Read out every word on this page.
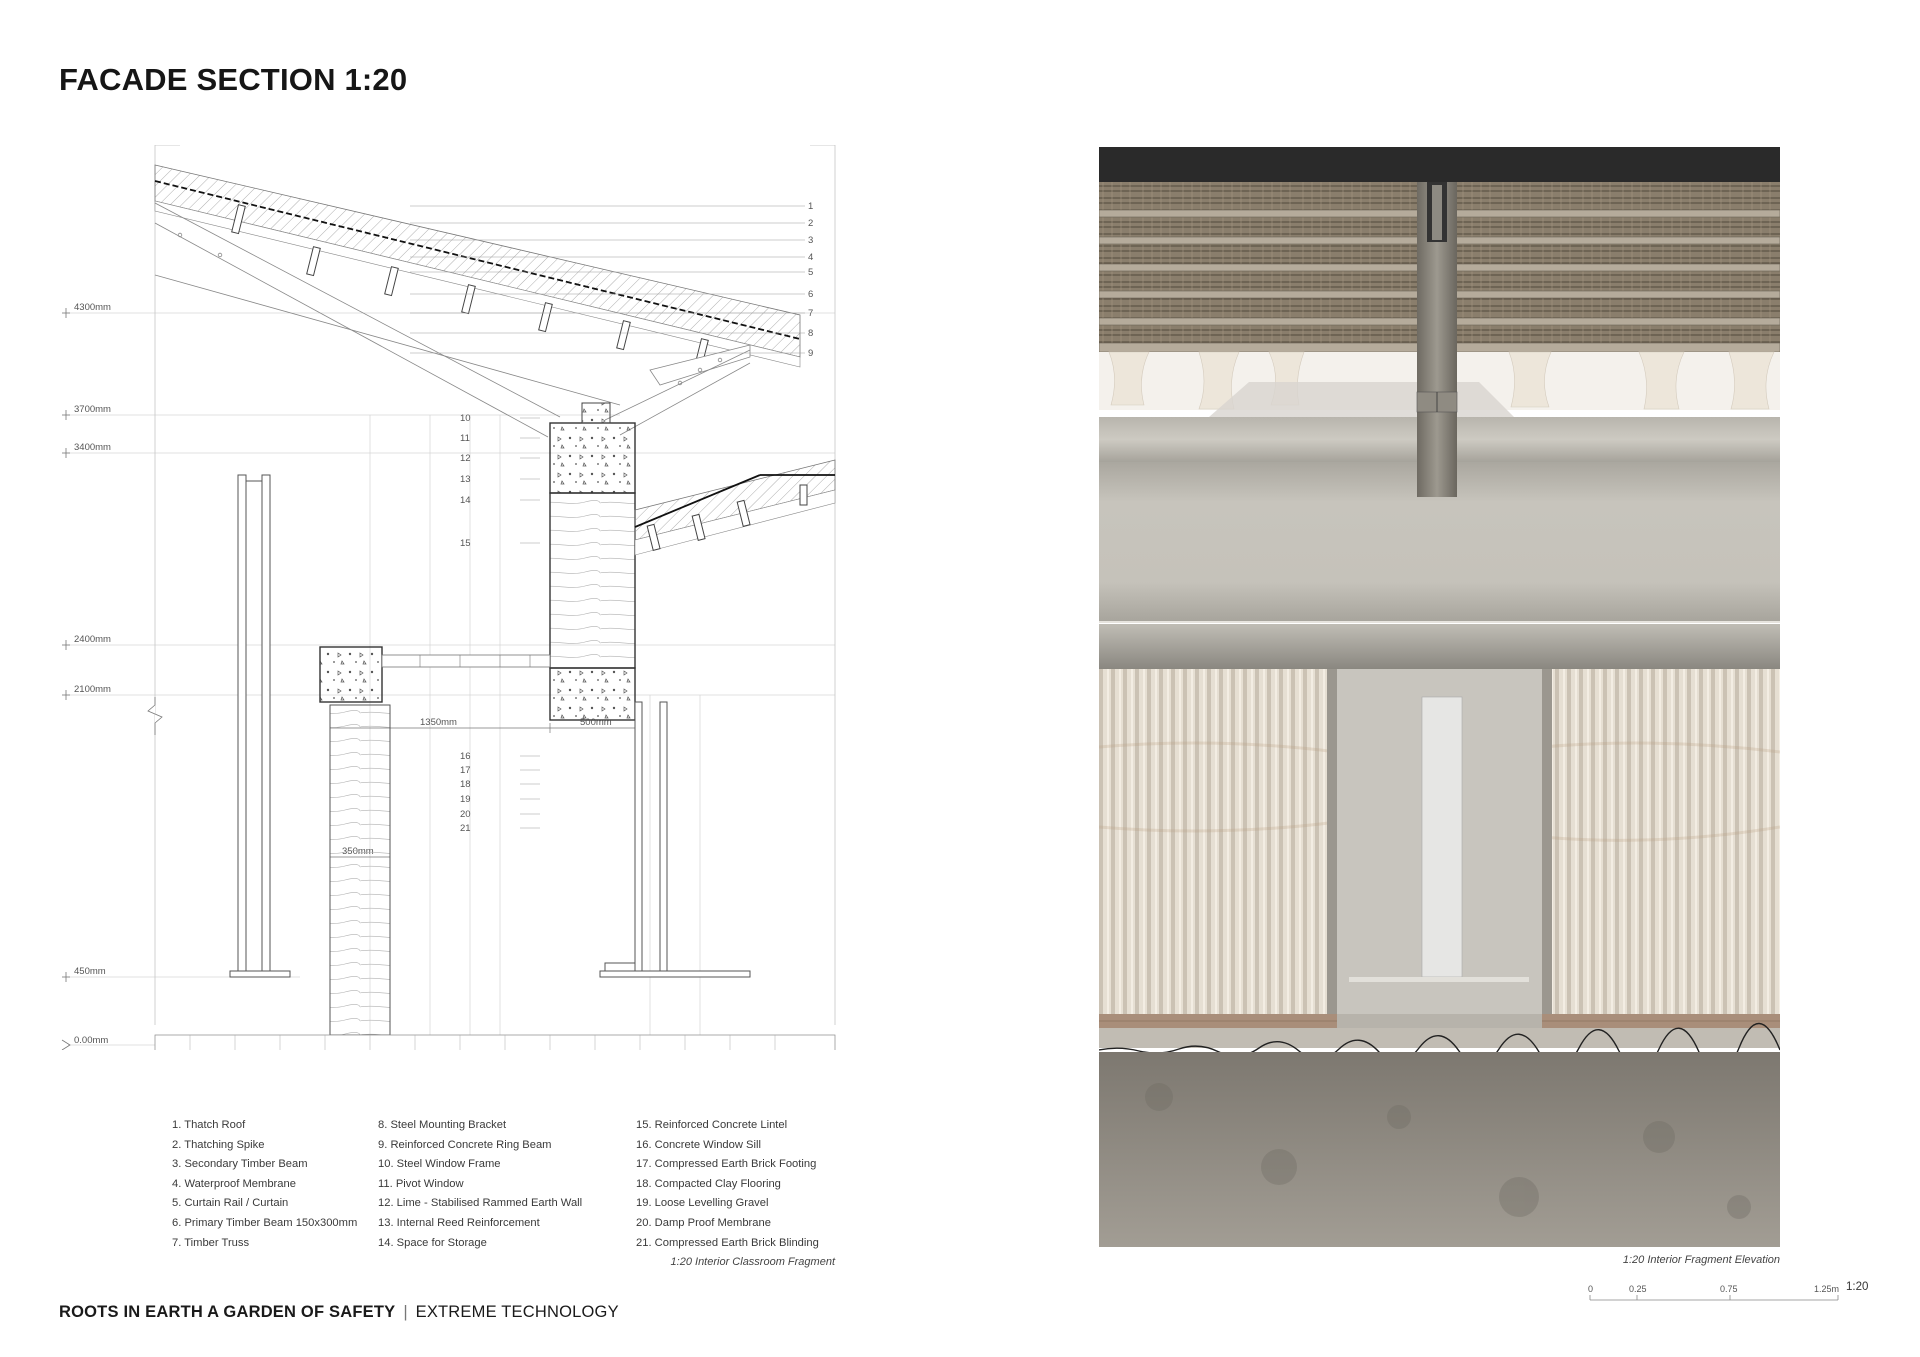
FACADE SECTION 1:20
4300mm
3700mm
3400mm
2400mm
2100mm
450mm
0.00mm
1350mm	500mm
1
2
3
4
5
6
7
8
9
10
11
12
13
14
15
16
17
18
19
20
21
1. Thatch Roof
2. Thatching Spike
3. Secondary Timber Beam
4. Waterproof Membrane
5. Curtain Rail / Curtain
6. Primary Timber Beam 150x300mm
7. Timber Truss
8. Steel Mounting Bracket
9. Reinforced Concrete Ring Beam
10. Steel Window Frame
11. Pivot Window
12. Lime - Stabilised Rammed Earth Wall
13. Internal Reed Reinforcement
14. Space for Storage
15. Reinforced Concrete Lintel
16. Concrete Window Sill
17. Compressed Earth Brick Footing
18. Compacted Clay Flooring
19. Loose Levelling Gravel
20. Damp Proof Membrane
21. Compressed Earth Brick Blinding
1:20 Interior Classroom Fragment	1:20 Interior Fragment Elevation
ROOTS IN EARTH A GARDEN OF SAFETY | EXTREME TECHNOLOGY
0	0.25	0.75	1.25m 1:20
